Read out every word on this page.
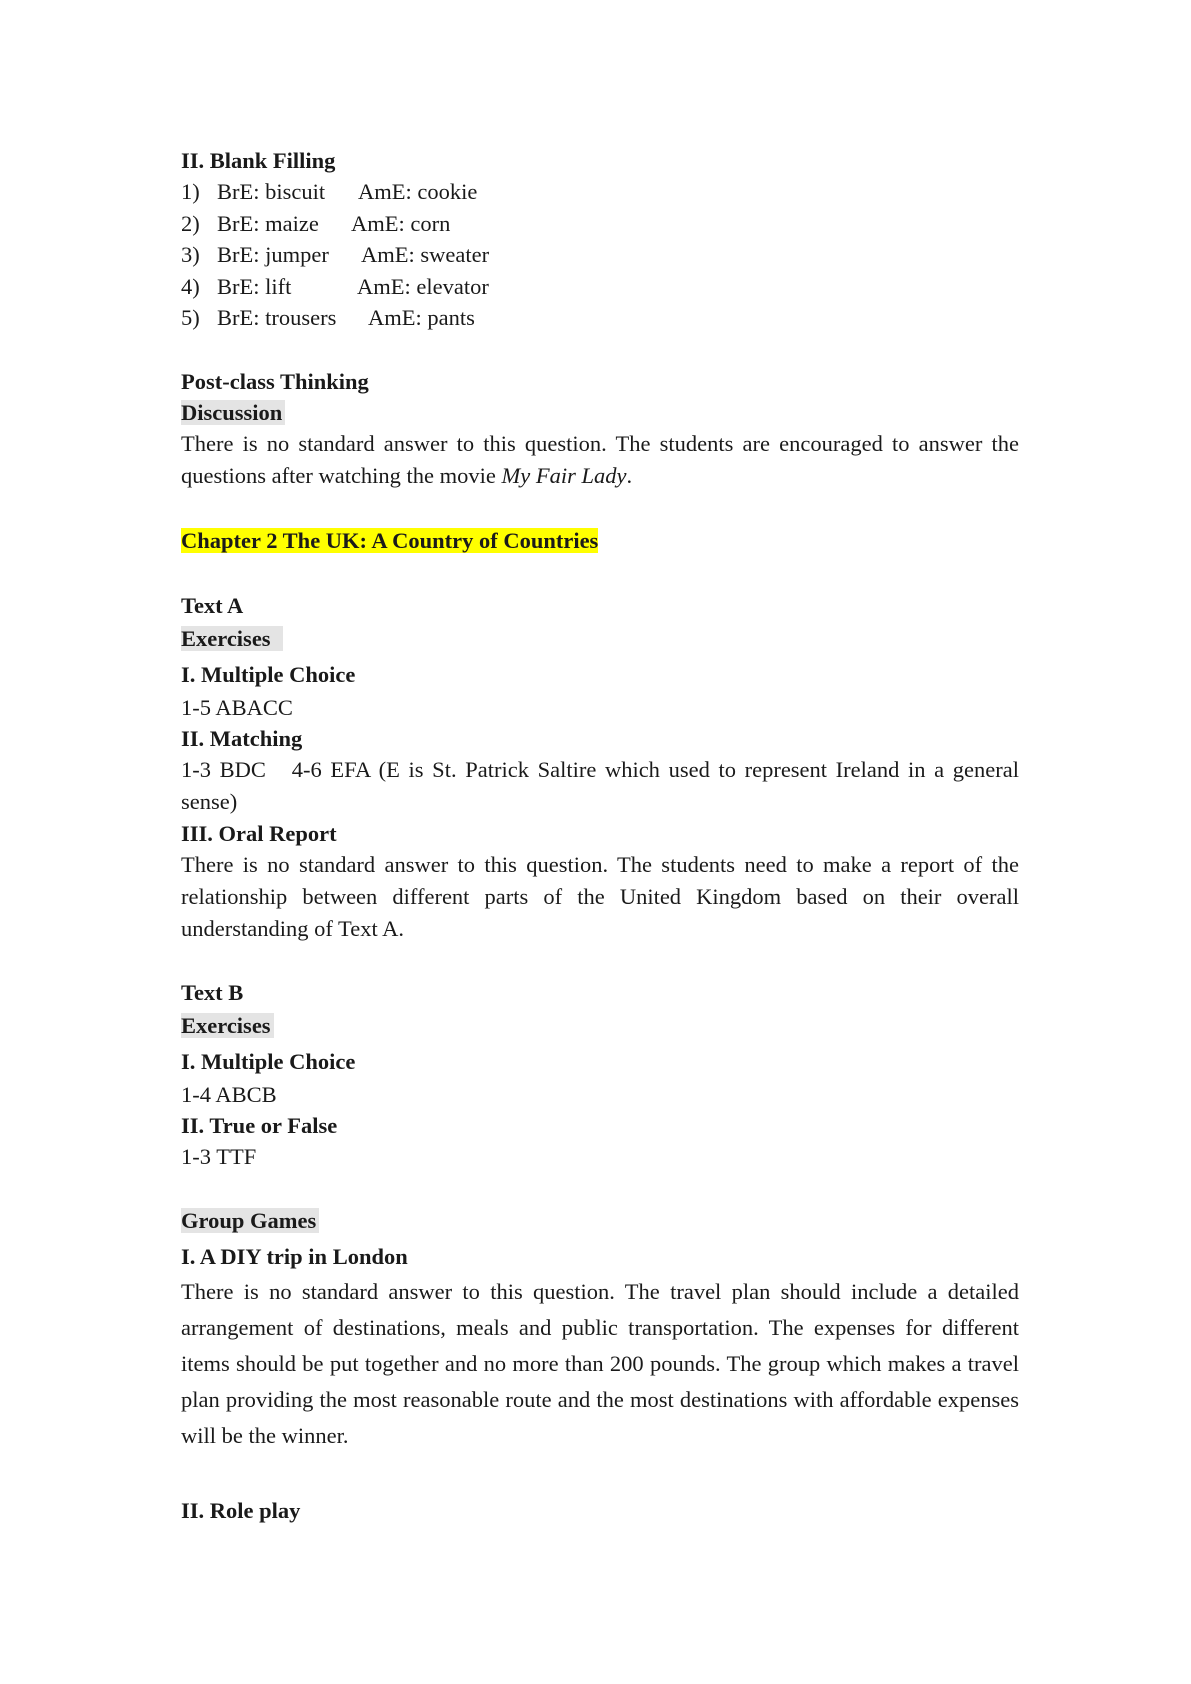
II. Blank Filling
1) BrE: biscuit AmE: cookie
2) BrE: maize AmE: corn
3) BrE: jumper AmE: sweater
4) BrE: lift	AmE: elevator
5) BrE: trousers AmE: pants
Post-class Thinking
Discussion
There is no standard answer to this question. The students are encouraged to answer the questions after watching the movie My Fair Lady.
Chapter 2 The UK: A Country of Countries
Text A
Exercises
I. Multiple Choice
1-5 ABACC
II. Matching
1-3 BDC   4-6 EFA (E is St. Patrick Saltire which used to represent Ireland in a general sense)
III. Oral Report
There is no standard answer to this question. The students need to make a report of the relationship between different parts of the United Kingdom based on their overall understanding of Text A.
Text B
Exercises
I. Multiple Choice
1-4 ABCB
II. True or False
1-3 TTF
Group Games
I. A DIY trip in London
There is no standard answer to this question. The travel plan should include a detailed arrangement of destinations, meals and public transportation. The expenses for different items should be put together and no more than 200 pounds. The group which makes a travel plan providing the most reasonable route and the most destinations with affordable expenses will be the winner.
II. Role play
